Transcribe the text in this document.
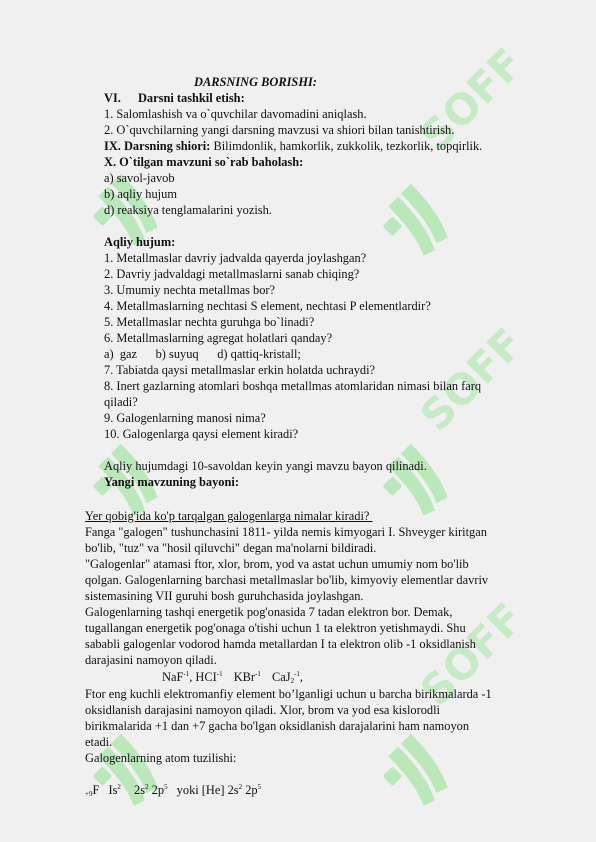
SOFF
SOFF
SOFF
DARSNING BORISHI:
VI. Darsni tashkil etish:
1. Salomlashish va o`quvchilar davomadini aniqlash.
2. O`quvchilarning yangi darsning mavzusi va shiori bilan tanishtirish.
IX. Darsning shiori: Bilimdonlik, hamkorlik, zukkolik, tezkorlik, topqirlik.
X. O`tilgan mavzuni so`rab baholash:
a) savol-javob
b) aqliy hujum
d) reaksiya tenglamalarini yozish.
Aqliy hujum:
1. Metallmaslar davriy jadvalda qayerda joylashgan?
2. Davriy jadvaldagi metallmaslarni sanab chiqing?
3. Umumiy nechta metallmas bor?
4. Metallmaslarning nechtasi S element, nechtasi P elementlardir?
5. Metallmaslar nechta guruhga bo`linadi?
6. Metallmaslarning agregat holatlari qanday?
a)  gaz      b) suyuq      d) qattiq-kristall;
7. Tabiatda qaysi metallmaslar erkin holatda uchraydi?
8. Inert gazlarning atomlari boshqa metallmas atomlaridan nimasi bilan farq
qiladi?
9. Galogenlarning manosi nima?
10. Galogenlarga qaysi element kiradi?
Aqliy hujumdagi 10-savoldan keyin yangi mavzu bayon qilinadi.
Yangi mavzuning bayoni:
Yer qobig'ida ko'p tarqalgan galogenlarga nimalar kiradi?
Fanga "galogen" tushunchasini 1811- yilda nemis kimyogari I. Shveyger kiritgan
bo'lib, "tuz" va "hosil qiluvchi" degan ma'nolarni bildiradi.
"Galogenlar" atamasi ftor, xlor, brom, yod va astat uchun umumiy nom bo'lib
qolgan. Galogenlarning barchasi metallmaslar bo'lib, kimyoviy elementlar davriv
sistemasining VII guruhi bosh guruhchasida joylashgan.
Galogenlarning tashqi energetik pog'onasida 7 tadan elektron bor. Demak,
tugallangan energetik pog'onaga o'tishi uchun 1 ta elektron yetishmaydi. Shu
sababli galogenlar vodorod hamda metallardan I ta elektron olib -1 oksidlanish
darajasini namoyon qiladi.
NaF$^{-1}$, $HCI^{-1}$ KBr$^{-1}$ CaJ$_2^{-1}$,
Ftor eng kuchli elektromanfiy element bo’lganligi uchun u barcha birikmalarda -1
oksidlanish darajasini namoyon qiladi. Xlor, brom va yod esa kislorodli
birikmalarida +1 dan +7 gacha bo'lgan oksidlanish darajalarini ham namoyon
etadi.
Galogenlarning atom tuzilishi:
$_{+9}$F Is$^2$ $2s^2$ $2p^5$ yoki [He] $2s^2$ $2p^5$
